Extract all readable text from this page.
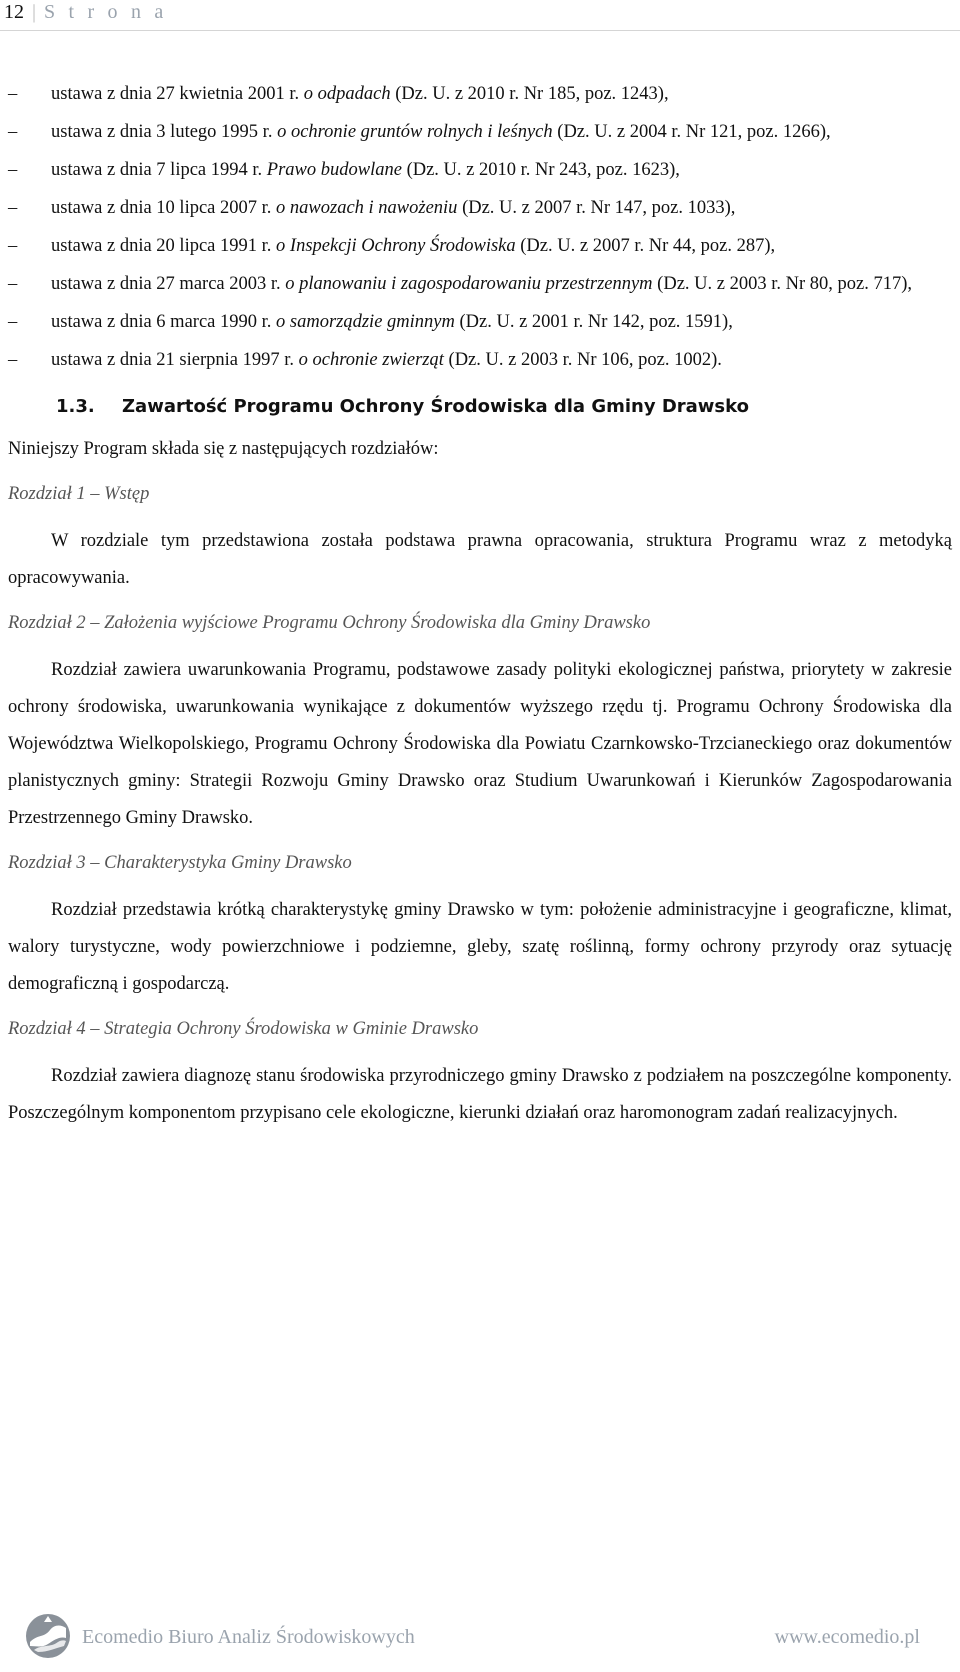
12 | S t r o n a
– ustawa z dnia 27 kwietnia 2001 r. o odpadach (Dz. U. z 2010 r. Nr 185, poz. 1243),
– ustawa z dnia 3 lutego 1995 r. o ochronie gruntów rolnych i leśnych (Dz. U. z 2004 r. Nr 121, poz. 1266),
– ustawa z dnia 7 lipca 1994 r. Prawo budowlane (Dz. U. z 2010 r. Nr 243, poz. 1623),
– ustawa z dnia 10 lipca 2007 r. o nawozach i nawożeniu (Dz. U. z 2007 r. Nr 147, poz. 1033),
– ustawa z dnia 20 lipca 1991 r. o Inspekcji Ochrony Środowiska (Dz. U. z 2007 r. Nr 44, poz. 287),
– ustawa z dnia 27 marca 2003 r. o planowaniu i zagospodarowaniu przestrzennym (Dz. U. z 2003 r. Nr 80, poz. 717),
– ustawa z dnia 6 marca 1990 r. o samorządzie gminnym (Dz. U. z 2001 r. Nr 142, poz. 1591),
– ustawa z dnia 21 sierpnia 1997 r. o ochronie zwierząt (Dz. U. z 2003 r. Nr 106, poz. 1002).
1.3.	Zawartość Programu Ochrony Środowiska dla Gminy Drawsko

Niniejszy Program składa się z następujących rozdziałów:

Rozdział 1 – Wstęp

W rozdziale tym przedstawiona została podstawa prawna opracowania, struktura Programu wraz z metodyką opracowywania.

Rozdział 2 – Założenia wyjściowe Programu Ochrony Środowiska dla Gminy Drawsko

Rozdział zawiera uwarunkowania Programu, podstawowe zasady polityki ekologicznej państwa, priorytety w zakresie ochrony środowiska, uwarunkowania wynikające z dokumentów wyższego rzędu tj. Programu Ochrony Środowiska dla Województwa Wielkopolskiego, Programu Ochrony Środowiska dla Powiatu Czarnkowsko-Trzcianeckiego oraz dokumentów planistycznych gminy: Strategii Rozwoju Gminy Drawsko oraz Studium Uwarunkowań i Kierunków Zagospodarowania Przestrzennego Gminy Drawsko.

Rozdział 3 – Charakterystyka Gminy Drawsko

Rozdział przedstawia krótką charakterystykę gminy Drawsko w tym: położenie administracyjne i geograficzne, klimat, walory turystyczne, wody powierzchniowe i podziemne, gleby, szatę roślinną, formy ochrony przyrody oraz sytuację demograficzną i gospodarczą.

Rozdział 4 – Strategia Ochrony Środowiska w Gminie Drawsko

Rozdział zawiera diagnozę stanu środowiska przyrodniczego gminy Drawsko z podziałem na poszczególne komponenty. Poszczególnym komponentom przypisano cele ekologiczne, kierunki działań oraz haromonogram zadań realizacyjnych.

Ecomedio Biuro Analiz Środowiskowych	www.ecomedio.pl
